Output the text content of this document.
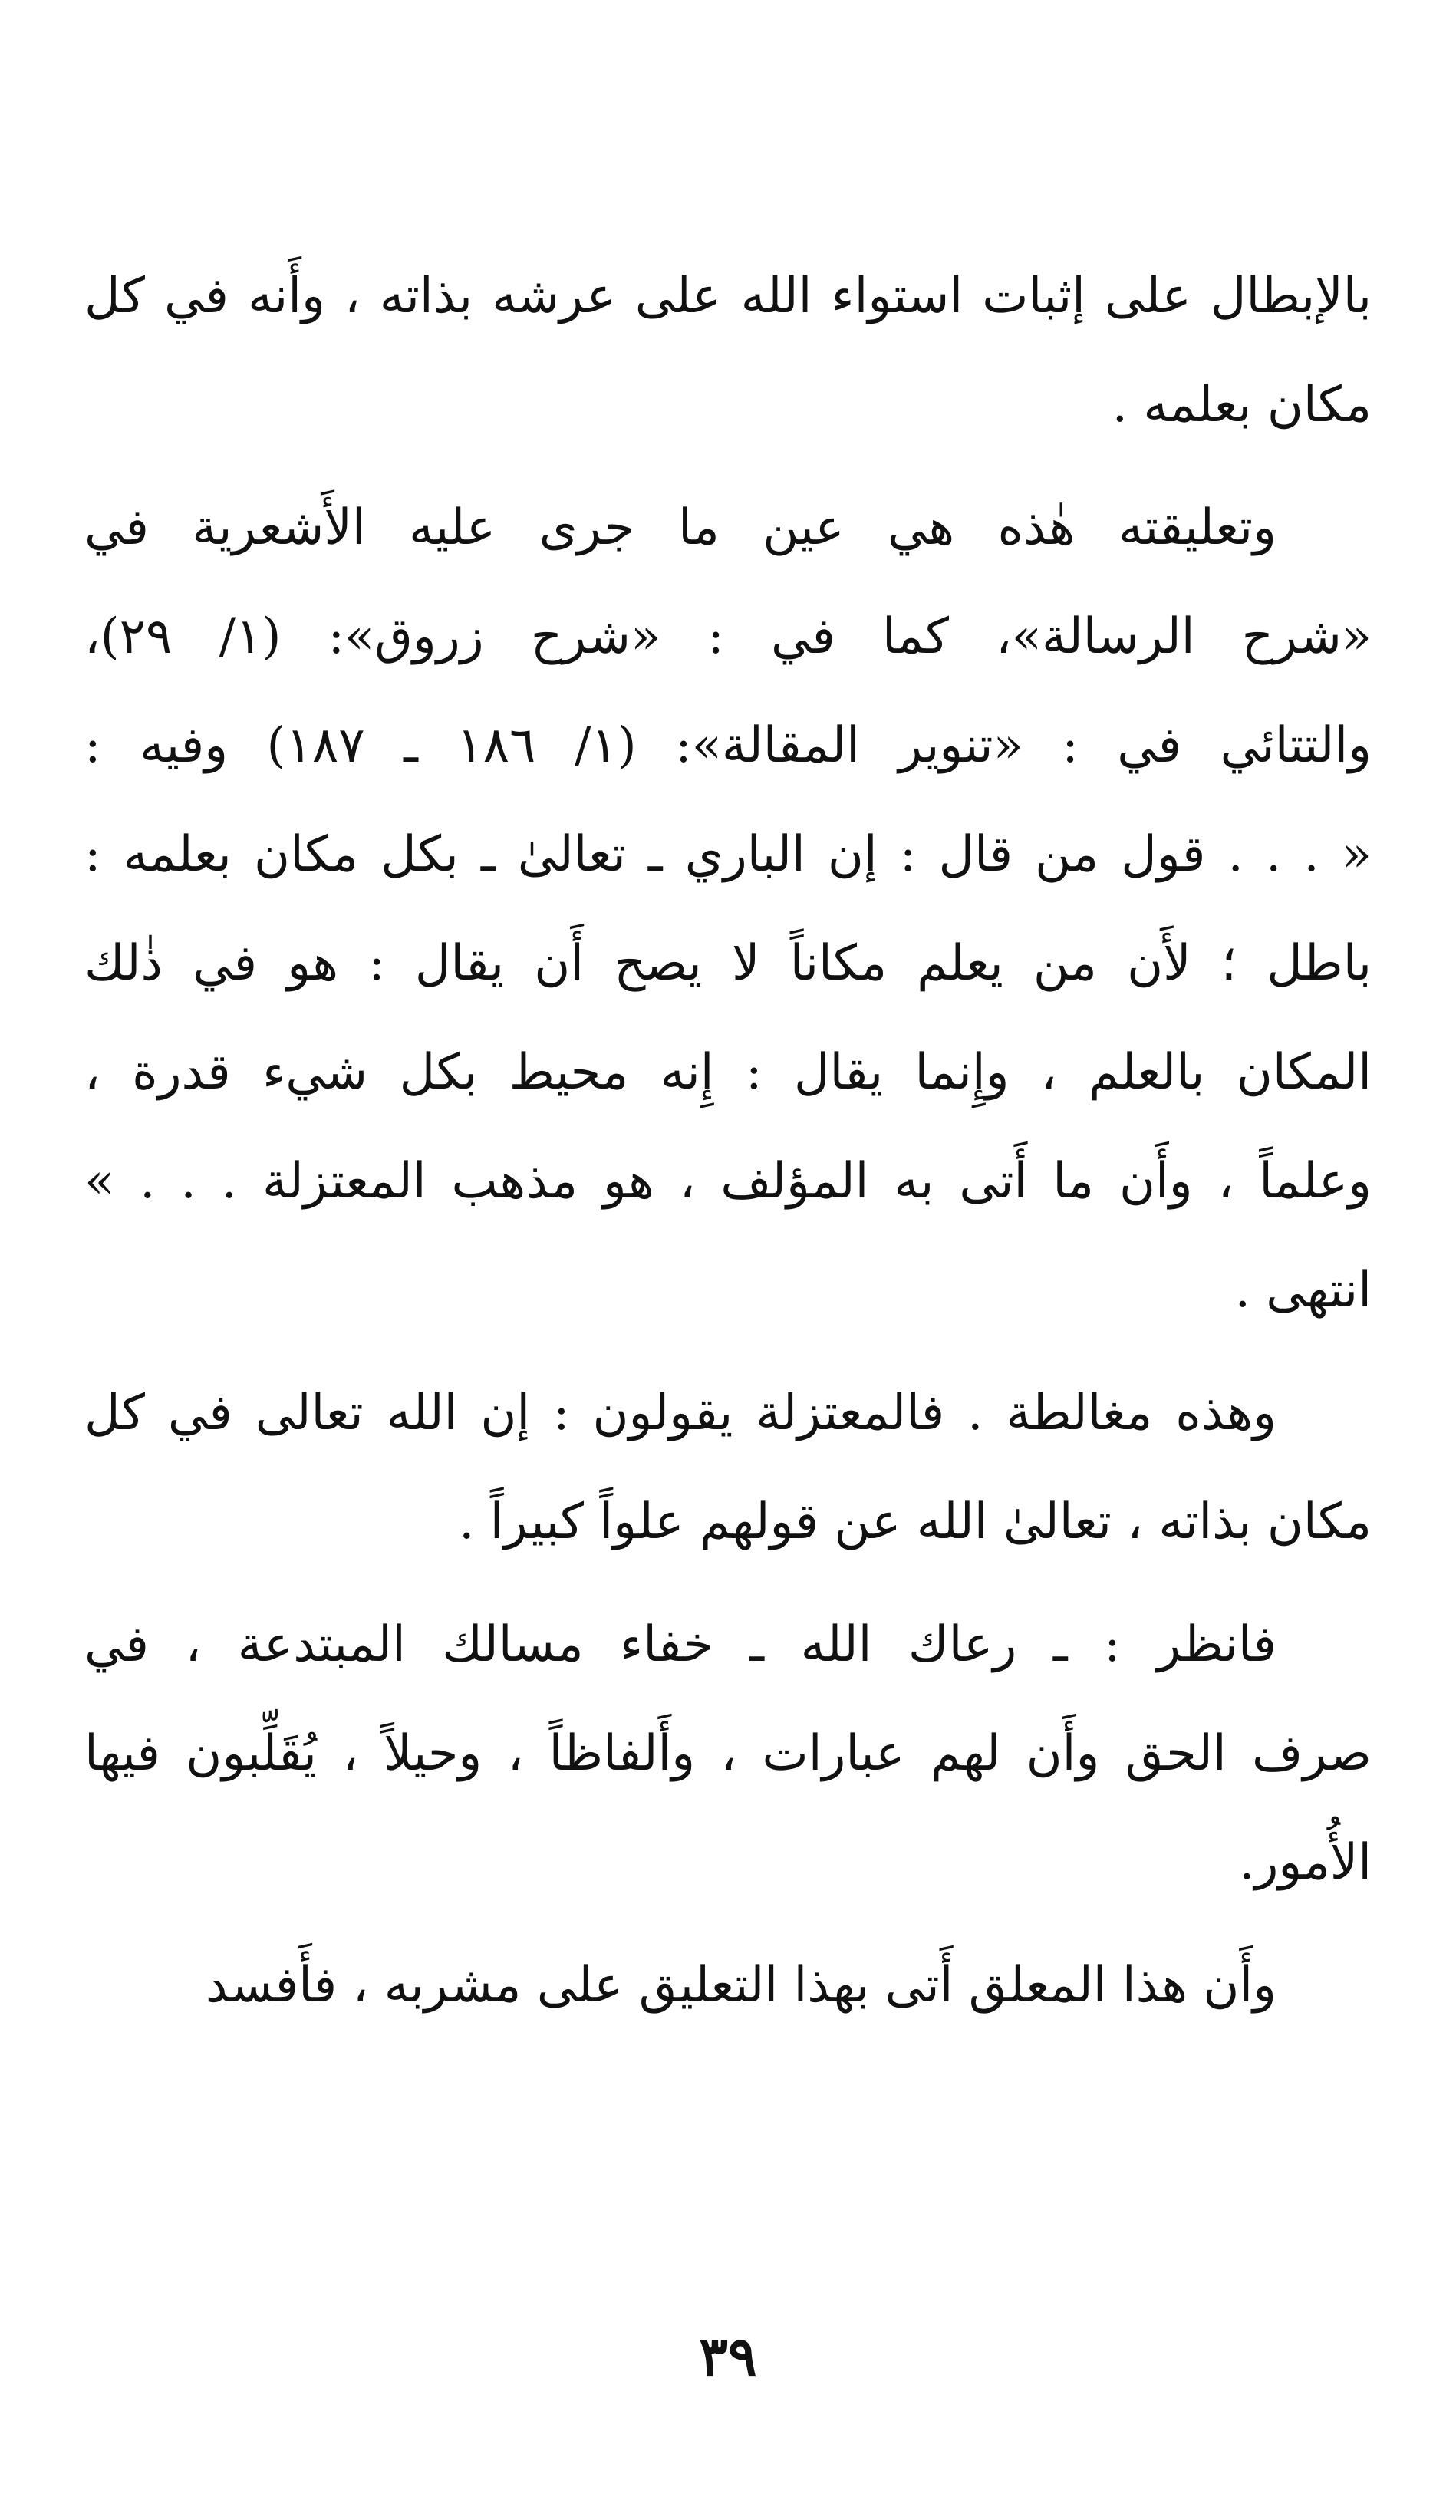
بالإبطال على إثبات استواء الله على عرشه بذاته ، وأَنه في كل
مكان بعلمه .

وتعليقته هٰذه هي عين ما جرى عليه الأَشعرية في
«شرح الرسالة»، كما في : «شرح زروق»: (١/ ٢٩)،
والتتائي في : «تنوير المقالة»: (١/ ١٨٦ ـ ١٨٧) وفيه :
« . . . قول من قال : إن الباري ـ تعالىٰ ـ بكل مكان بعلمه :
باطل ؛ لأَن من يعلم مكاناً لا يصح أَن يقال : هو في ذٰلك
المكان بالعلم ، وإِنما يقال : إِنه محيط بكل شيء قدرة ،
وعلماً ، وأَن ما أَتى به المؤلف ، هو مذهب المعتزلة . . . »
انتهى .

وهذه مغالطة . فالمعتزلة يقولون : إن الله تعالى في كل
مكان بذاته ، تعالىٰ الله عن قولهم علواً كبيراً .

فانظر : ـ رعاك الله ـ خفاء مسالك المبتدعة ، في
صرف الحق وأَن لهم عبارات ، وأَلفاظاً ، وحيلاً ، يُقَلِّبون فيها
الأُمور.

وأَن هذا المعلق أَتى بهذا التعليق على مشربه ، فأَفسد

٣٩
